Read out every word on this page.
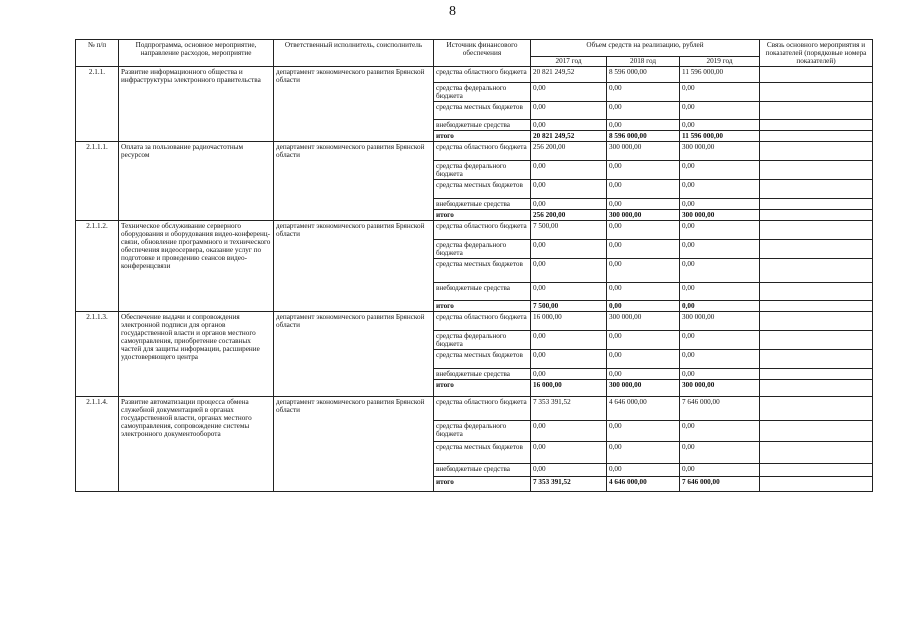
8
№ п/п	Подпрограмма, основное мероприятие, направление расходов, мероприятие	Ответственный исполнитель, соисполнитель	Источник финансового обеспечения	Объем средств на реализацию, рублей			Связь основного мероприятия и показателей (порядковые номера показателей)
				2017 год	2018 год	2019 год	
2.1.1.	Развитие информационного общества и инфраструктуры электронного правительства	департамент экономического развития Брянской области	средства областного бюджета	20 821 249,52	8 596 000,00	11 596 000,00	
			средства федерального бюджета	0,00	0,00	0,00	
			средства местных бюджетов	0,00	0,00	0,00	
			внебюджетные средства	0,00	0,00	0,00	
			итого	20 821 249,52	8 596 000,00	11 596 000,00	
2.1.1.1.	Оплата за пользование радиочастотным ресурсом	департамент экономического развития Брянской области	средства областного бюджета	256 200,00	300 000,00	300 000,00	
			средства федерального бюджета	0,00	0,00	0,00	
			средства местных бюджетов	0,00	0,00	0,00	
			внебюджетные средства	0,00	0,00	0,00	
			итого	256 200,00	300 000,00	300 000,00	
2.1.1.2.	Техническое обслуживание серверного оборудования и оборудования видео-конференц-связи, обновление программного и технического обеспечения видеосервера, оказание услуг по подготовке и проведению сеансов видео-конференцсвязи	департамент экономического развития Брянской области	средства областного бюджета	7 500,00	0,00	0,00	
			средства федерального бюджета	0,00	0,00	0,00	
			средства местных бюджетов	0,00	0,00	0,00	
			внебюджетные средства	0,00	0,00	0,00	
			итого	7 500,00	0,00	0,00	
2.1.1.3.	Обеспечение выдачи и сопровождения электронной подписи для органов государственной власти и органов местного самоуправления, приобретение составных частей для защиты информации, расширение удостоверяющего центра	департамент экономического развития Брянской области	средства областного бюджета	16 000,00	300 000,00	300 000,00	
			средства федерального бюджета	0,00	0,00	0,00	
			средства местных бюджетов	0,00	0,00	0,00	
			внебюджетные средства	0,00	0,00	0,00	
			итого	16 000,00	300 000,00	300 000,00	
2.1.1.4.	Развитие автоматизации процесса обмена служебной документацией в органах государственной власти, органах местного самоуправления, сопровождение системы электронного документооборота	департамент экономического развития Брянской области	средства областного бюджета	7 353 391,52	4 646 000,00	7 646 000,00	
			средства федерального бюджета	0,00	0,00	0,00	
			средства местных бюджетов	0,00	0,00	0,00	
			внебюджетные средства	0,00	0,00	0,00	
			итого	7 353 391,52	4 646 000,00	7 646 000,00	
